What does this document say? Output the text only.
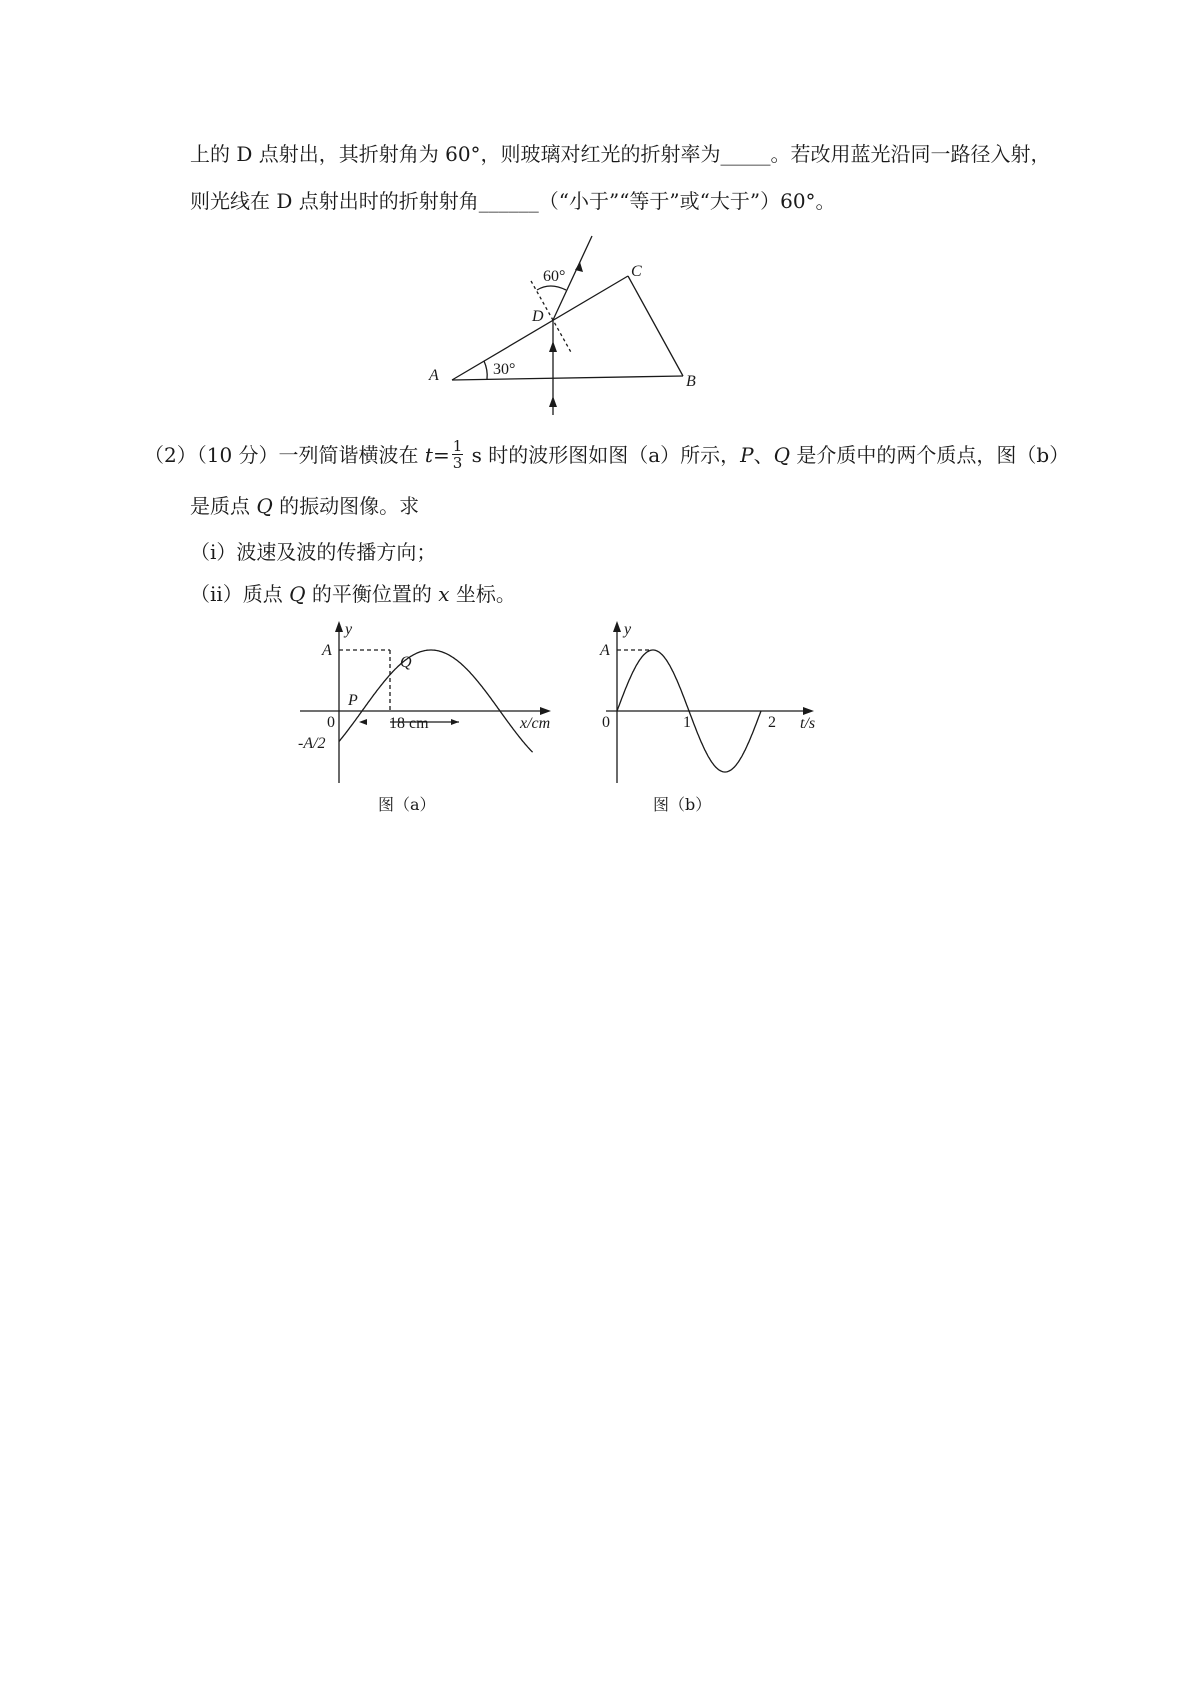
上的 D 点射出，其折射角为 60°，则玻璃对红光的折射率为_____。若改用蓝光沿同一路径入射，
则光线在 D 点射出时的折射射角______（“小于”“等于”或“大于”）60°。
60°
30°
A	B
C
D
（2）（10 分）一列简谐横波在 $t= \frac{1}{3}$ s 时的波形图如图（a）所示，P、Q 是介质中的两个质点，图（b）
是质点 Q 的振动图像。求
（i）波速及波的传播方向；
（ii）质点 Q 的平衡位置的 x 坐标。
y
A
-A/2
0
P
Q
18 cm	x/cm
图（a）
y
A
0	1	2 t/s
图（b）
